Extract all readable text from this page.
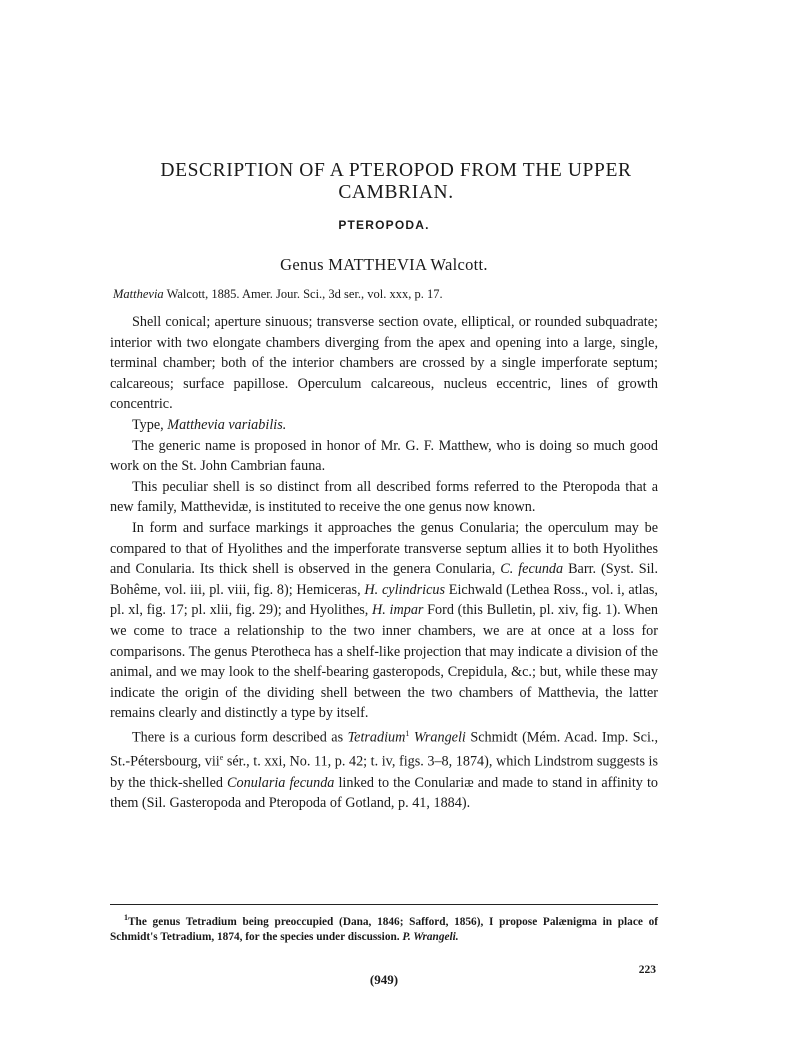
DESCRIPTION OF A PTEROPOD FROM THE UPPER
CAMBRIAN.
PTEROPODA.
Genus MATTHEVIA Walcott.
Matthevia Walcott, 1885. Amer. Jour. Sci., 3d ser., vol. xxx, p. 17.

Shell conical; aperture sinuous; transverse section ovate, elliptical, or rounded subquadrate; interior with two elongate chambers diverging from the apex and opening into a large, single, terminal chamber; both of the interior chambers are crossed by a single imperforate septum; calcareous; surface papillose. Operculum calcareous, nucleus eccentric, lines of growth concentric.

Type, Matthevia variabilis.

The generic name is proposed in honor of Mr. G. F. Matthew, who is doing so much good work on the St. John Cambrian fauna.

This peculiar shell is so distinct from all described forms referred to the Pteropoda that a new family, Matthevidæ, is instituted to receive the one genus now known.

In form and surface markings it approaches the genus Conularia; the operculum may be compared to that of Hyolithes and the imperforate transverse septum allies it to both Hyolithes and Conularia. Its thick shell is observed in the genera Conularia, C. fecunda Barr. (Syst. Sil. Bohême, vol. iii, pl. viii, fig. 8); Hemiceras, H. cylindricus Eichwald (Lethea Ross., vol. i, atlas, pl. xl, fig. 17; pl. xlii, fig. 29); and Hyolithes, H. impar Ford (this Bulletin, pl. xiv, fig. 1). When we come to trace a relationship to the two inner chambers, we are at once at a loss for comparisons. The genus Pterotheca has a shelf-like projection that may indicate a division of the animal, and we may look to the shelf-bearing gasteropods, Crepidula, &c.; but, while these may indicate the origin of the dividing shell between the two chambers of Matthevia, the latter remains clearly and distinctly a type by itself.

There is a curious form described as Tetradium$^1$ Wrangeli Schmidt (Mém. Acad. Imp. Sci., St.-Pétersbourg, vii$^e$ sér., t. xxi, No. 11, p. 42; t. iv, figs. 3–8, 1874), which Lindstrom suggests is by the thick-shelled Conularia fecunda linked to the Conulariæ and made to stand in affinity to them (Sil. Gasteropoda and Pteropoda of Gotland, p. 41, 1884).

$^1$The genus Tetradium being preoccupied (Dana, 1846; Safford, 1856), I propose Palænigma in place of Schmidt's Tetradium, 1874, for the species under discussion. P. Wrangeli.

(949)
223
